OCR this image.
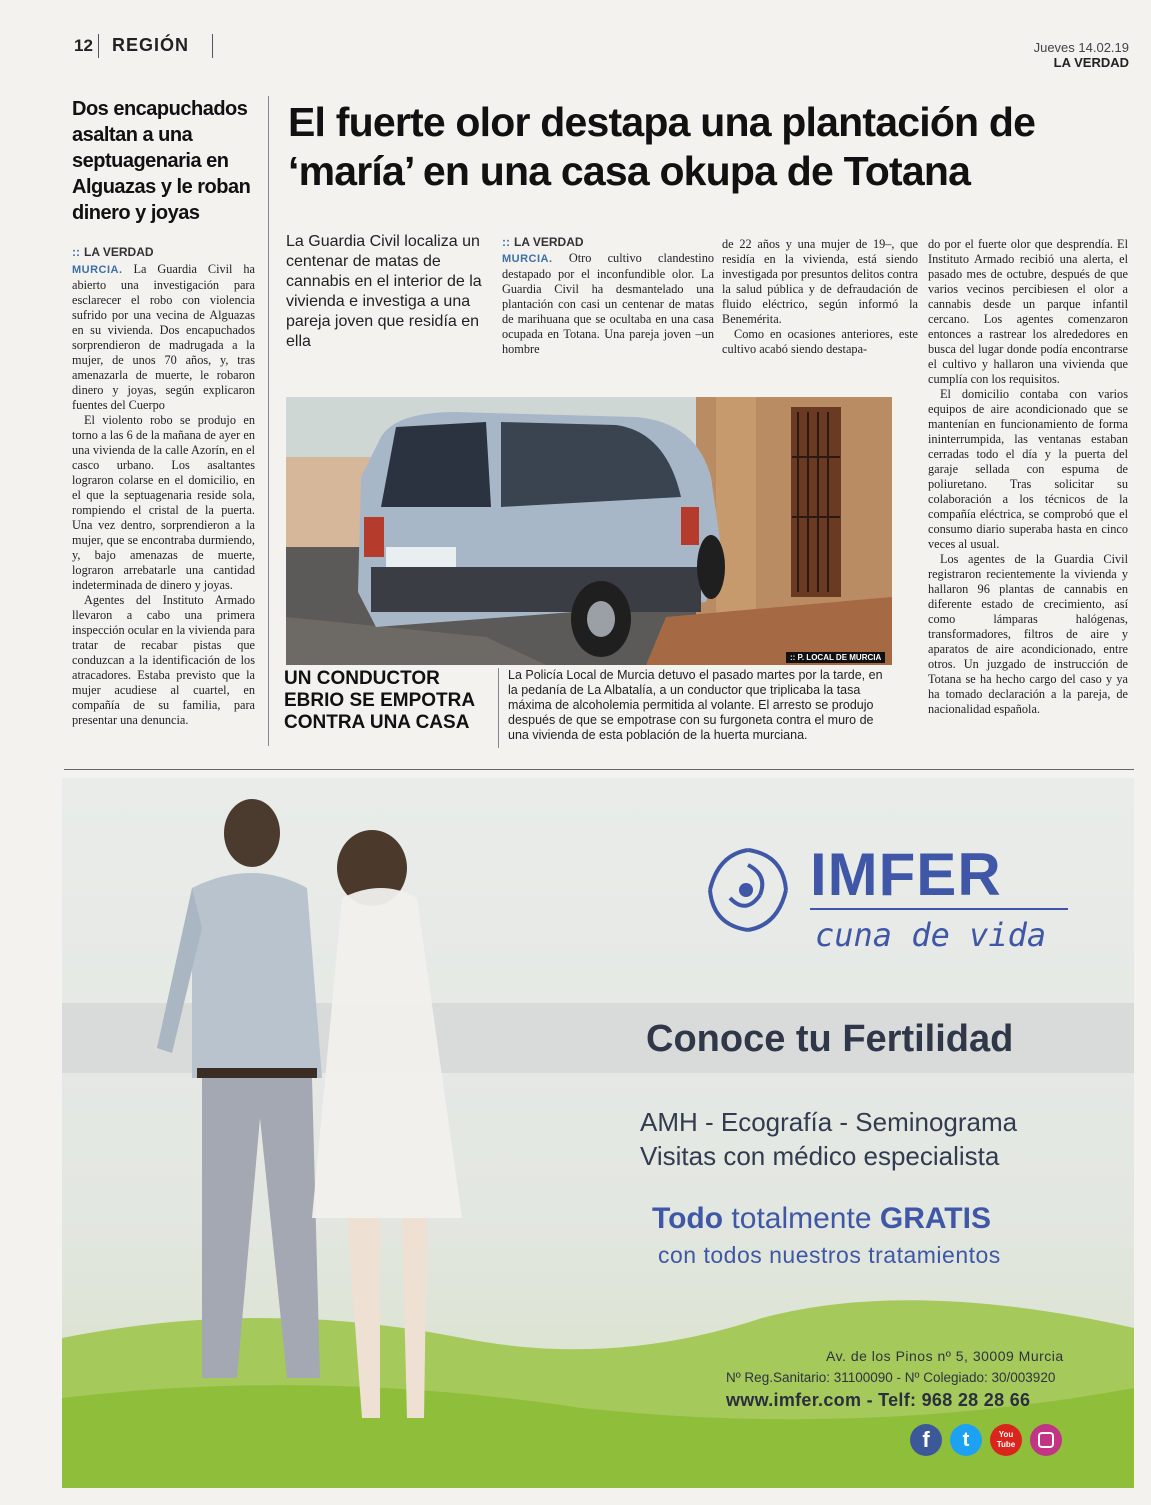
12 REGIÓN	Jueves 14.02.19
LA VERDAD
Dos encapuchados asaltan a una septuagenaria en Alguazas y le roban dinero y joyas
:: LA VERDAD

MURCIA. La Guardia Civil ha abierto una investigación para esclarecer el robo con violencia sufrido por una vecina de Alguazas en su vivienda. Dos encapuchados sorprendieron de madrugada a la mujer, de unos 70 años, y, tras amenazarla de muerte, le robaron dinero y joyas, según explicaron fuentes del Cuerpo

El violento robo se produjo en torno a las 6 de la mañana de ayer en una vivienda de la calle Azorín, en el casco urbano. Los asaltantes lograron colarse en el domicilio, en el que la septuagenaria reside sola, rompiendo el cristal de la puerta. Una vez dentro, sorprendieron a la mujer, que se encontraba durmiendo, y, bajo amenazas de muerte, lograron arrebatarle una cantidad indeterminada de dinero y joyas.

Agentes del Instituto Armado llevaron a cabo una primera inspección ocular en la vivienda para tratar de recabar pistas que conduzcan a la identificación de los atracadores. Estaba previsto que la mujer acudiese al cuartel, en compañía de su familia, para presentar una denuncia.

El fuerte olor destapa una plantación de ‘maría’ en una casa okupa de Totana
La Guardia Civil localiza un centenar de matas de cannabis en el interior de la vivienda e investiga a una pareja joven que residía en ella
:: LA VERDAD

MURCIA. Otro cultivo clandestino destapado por el inconfundible olor. La Guardia Civil ha desmantelado una plantación con casi un centenar de matas de marihuana que se ocultaba en una casa ocupada en Totana. Una pareja joven –un hombre

de 22 años y una mujer de 19–, que residía en la vivienda, está siendo investigada por presuntos delitos contra la salud pública y de defraudación de fluido eléctrico, según informó la Benemérita.

Como en ocasiones anteriores, este cultivo acabó siendo destapa-

do por el fuerte olor que desprendía. El Instituto Armado recibió una alerta, el pasado mes de octubre, después de que varios vecinos percibiesen el olor a cannabis desde un parque infantil cercano. Los agentes comenzaron entonces a rastrear los alrededores en busca del lugar donde podía encontrarse el cultivo y hallaron una vivienda que cumplía con los requisitos.

El domicilio contaba con varios equipos de aire acondicionado que se mantenían en funcionamiento de forma ininterrumpida, las ventanas estaban cerradas todo el día y la puerta del garaje sellada con espuma de poliuretano. Tras solicitar su colaboración a los técnicos de la compañía eléctrica, se comprobó que el consumo diario superaba hasta en cinco veces al usual.

Los agentes de la Guardia Civil registraron recientemente la vivienda y hallaron 96 plantas de cannabis en diferente estado de crecimiento, así como lámparas halógenas, transformadores, filtros de aire y aparatos de aire acondicionado, entre otros. Un juzgado de instrucción de Totana se ha hecho cargo del caso y ya ha tomado declaración a la pareja, de nacionalidad española.

:: P. LOCAL DE MURCIA
UN CONDUCTOR EBRIO SE EMPOTRA CONTRA UNA CASA
La Policía Local de Murcia detuvo el pasado martes por la tarde, en la pedanía de La Albatalía, a un conductor que triplicaba la tasa máxima de alcoholemia permitida al volante. El arresto se produjo después de que se empotrase con su furgoneta contra el muro de una vivienda de esta población de la huerta murciana.
IMFER
cuna de vida
Conoce tu Fertilidad
AMH - Ecografía - Seminograma
Visitas con médico especialista
Todo totalmente GRATIS
con todos nuestros tratamientos
Av. de los Pinos nº 5, 30009 Murcia
Nº Reg.Sanitario: 31100090 - Nº Colegiado: 30/003920
www.imfer.com - Telf: 968 28 28 66
f	t	You Tube
